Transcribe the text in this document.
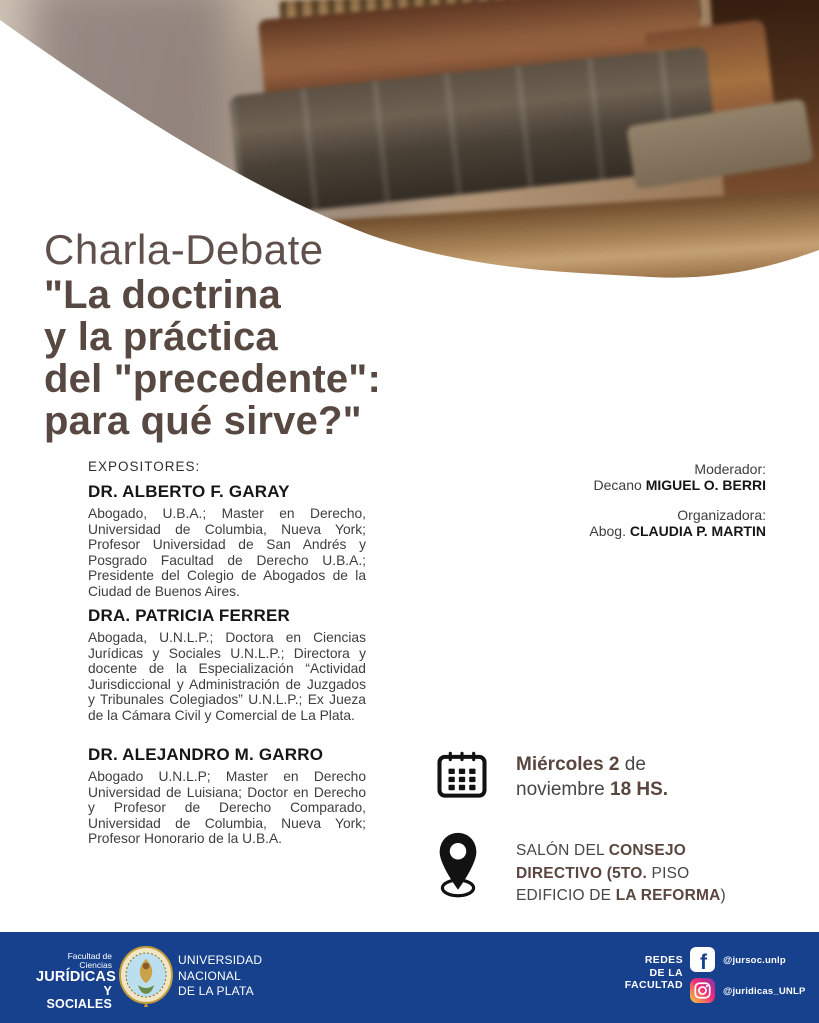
Charla-Debate
"La doctrina
y la práctica
del "precedente":
para qué sirve?"
EXPOSITORES:
DR. ALBERTO F. GARAY
Abogado, U.B.A.; Master en Derecho, Universidad de Columbia, Nueva York; Profesor Universidad de San Andrés y Posgrado Facultad de Derecho U.B.A.; Presidente del Colegio de Abogados de la Ciudad de Buenos Aires.
DRA. PATRICIA FERRER
Abogada, U.N.L.P.; Doctora en Ciencias Jurídicas y Sociales U.N.L.P.; Directora y docente de la Especialización “Actividad Jurisdiccional y Administración de Juzgados y Tribunales Colegiados” U.N.L.P.; Ex Jueza de la Cámara Civil y Comercial de La Plata.
DR. ALEJANDRO M. GARRO
Abogado U.N.L.P; Master en Derecho Universidad de Luisiana; Doctor en Derecho y Profesor de Derecho Comparado, Universidad de Columbia, Nueva York; Profesor Honorario de la U.B.A.
Moderador:
Decano MIGUEL O. BERRI
Organizadora:
Abog. CLAUDIA P. MARTIN
Miércoles 2 de
noviembre 18 HS.
SALÓN DEL CONSEJO
DIRECTIVO (5TO. PISO
EDIFICIO DE LA REFORMA)
Facultad de Ciencias
JURÍDICAS
Y SOCIALES
UNIVERSIDAD
NACIONAL
DE LA PLATA
REDES
DE LA
FACULTAD
f @jursoc.unlp
@juridicas_UNLP
